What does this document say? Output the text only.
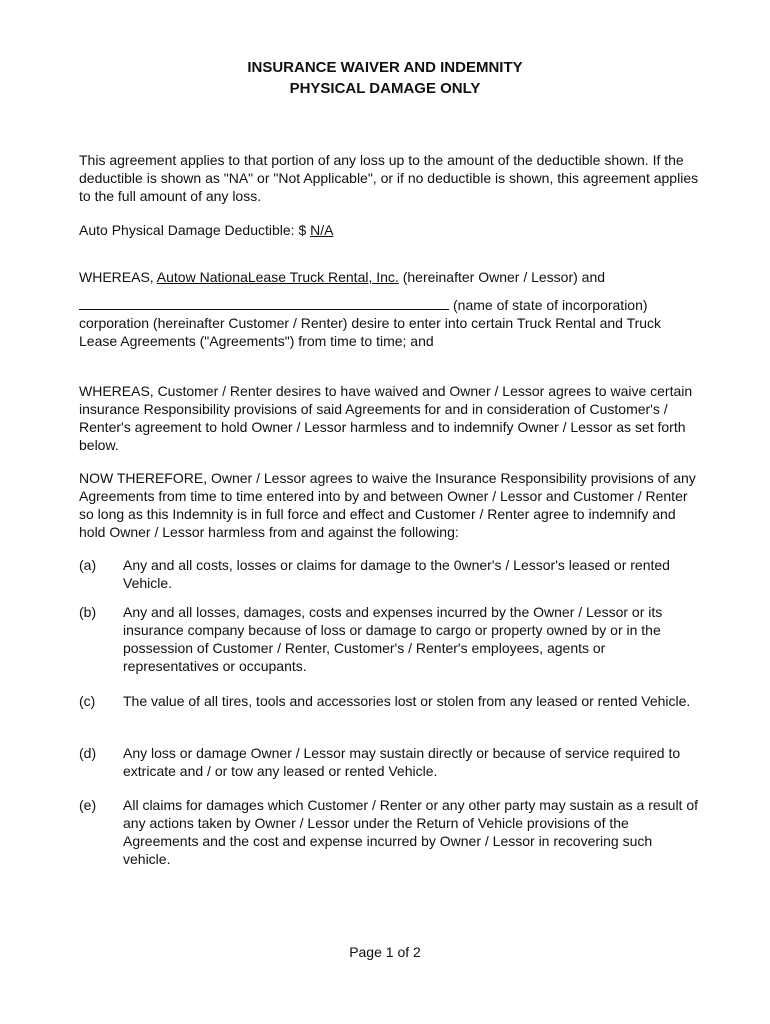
INSURANCE WAIVER AND INDEMNITY
PHYSICAL DAMAGE ONLY

This agreement applies to that portion of any loss up to the amount of the deductible shown. If the deductible is shown as "NA" or "Not Applicable", or if no deductible is shown, this agreement applies to the full amount of any loss.

Auto Physical Damage Deductible: $ N/A

WHEREAS, Autow NationaLease Truck Rental, Inc. (hereinafter Owner / Lessor) and

(name of state of incorporation)

corporation (hereinafter Customer / Renter) desire to enter into certain Truck Rental and Truck Lease Agreements ("Agreements") from time to time; and

WHEREAS, Customer / Renter desires to have waived and Owner / Lessor agrees to waive certain insurance Responsibility provisions of said Agreements for and in consideration of Customer's / Renter's agreement to hold Owner / Lessor harmless and to indemnify Owner / Lessor as set forth below.

NOW THEREFORE, Owner / Lessor agrees to waive the Insurance Responsibility provisions of any Agreements from time to time entered into by and between Owner / Lessor and Customer / Renter so long as this Indemnity is in full force and effect and Customer / Renter agree to indemnify and hold Owner / Lessor harmless from and against the following:

(a) Any and all costs, losses or claims for damage to the 0wner's / Lessor's leased or rented Vehicle.
(b) Any and all losses, damages, costs and expenses incurred by the Owner / Lessor or its insurance company because of loss or damage to cargo or property owned by or in the possession of Customer / Renter, Customer's / Renter's employees, agents or representatives or occupants.
(c) The value of all tires, tools and accessories lost or stolen from any leased or rented Vehicle.
(d) Any loss or damage Owner / Lessor may sustain directly or because of service required to extricate and / or tow any leased or rented Vehicle.
(e) All claims for damages which Customer / Renter or any other party may sustain as a result of any actions taken by Owner / Lessor under the Return of Vehicle provisions of the Agreements and the cost and expense incurred by Owner / Lessor in recovering such vehicle.
Page 1 of 2
